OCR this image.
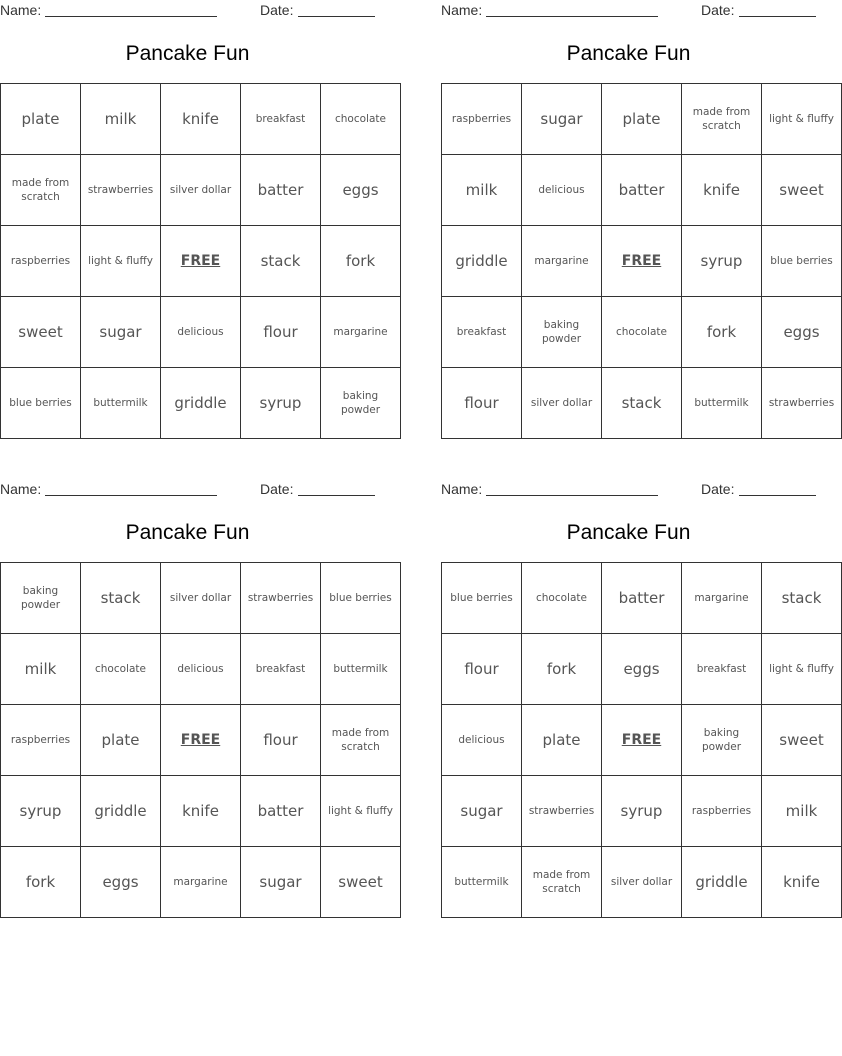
Name:	Date:
Pancake Fun
plate	milk	knife	breakfast	chocolate
made from scratch	strawberries	silver dollar	batter	eggs
raspberries	light & fluffy	FREE	stack	fork
sweet	sugar	delicious	flour	margarine
blue berries	buttermilk	griddle	syrup	baking powder
Name:	Date:
Pancake Fun
raspberries	sugar	plate	made from scratch	light & fluffy
milk	delicious	batter	knife	sweet
griddle	margarine	FREE	syrup	blue berries
breakfast	baking powder	chocolate	fork	eggs
flour	silver dollar	stack	buttermilk	strawberries
Name:	Date:
Pancake Fun
baking powder	stack	silver dollar	strawberries	blue berries
milk	chocolate	delicious	breakfast	buttermilk
raspberries	plate	FREE	flour	made from scratch
syrup	griddle	knife	batter	light & fluffy
fork	eggs	margarine	sugar	sweet
Name:	Date:
Pancake Fun
blue berries	chocolate	batter	margarine	stack
flour	fork	eggs	breakfast	light & fluffy
delicious	plate	FREE	baking powder	sweet
sugar	strawberries	syrup	raspberries	milk
buttermilk	made from scratch	silver dollar	griddle	knife
